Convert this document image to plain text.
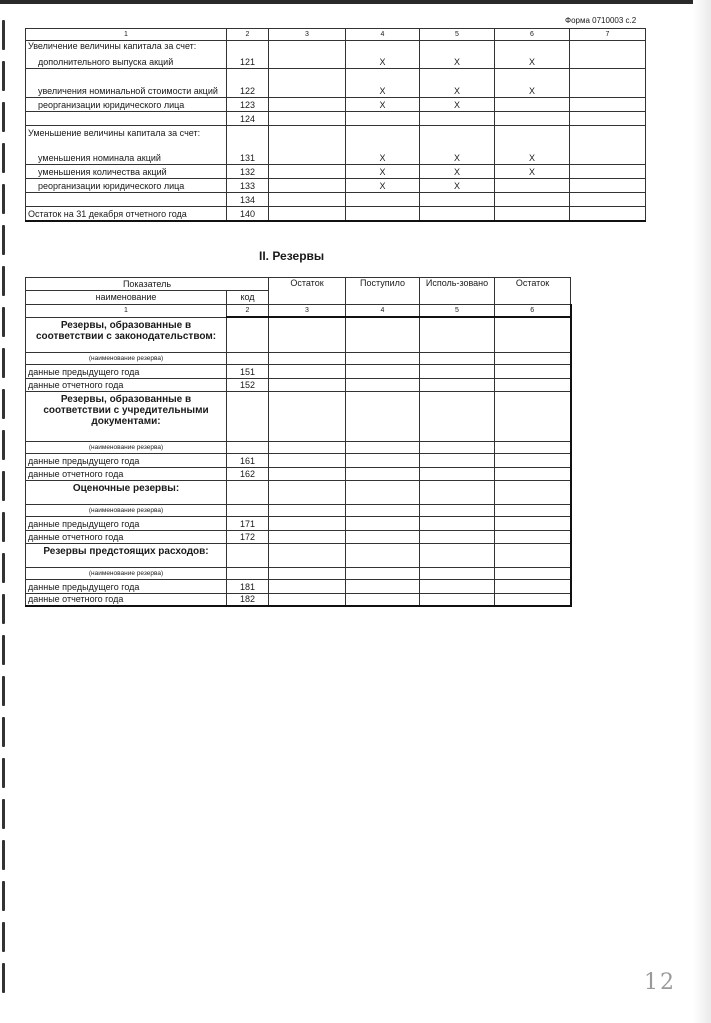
Форма 0710003 с.2
1	2	3	4	5	6	7
Увеличение величины капитала за счет:						
дополнительного выпуска акций	121		X	X	X	
увеличения номинальной стоимости акций	122		X	X	X	
реорганизации юридического лица	123		X	X		
	124					
Уменьшение величины капитала за счет:						
уменьшения номинала акций	131		X	X	X	
уменьшения количества акций	132		X	X	X	
реорганизации юридического лица	133		X	X		
	134					
Остаток на 31 декабря отчетного года	140					
II. Резервы
Показатель		Остаток	Поступило	Исполь-зовано	Остаток
наименование	код				
1	2	3	4	5	6
Резервы, образованные в соответствии с законодательством:					
(наименование резерва)					
данные предыдущего года	151				
данные отчетного года	152				
Резервы, образованные в соответствии с учредительными документами:					
(наименование резерва)					
данные предыдущего года	161				
данные отчетного года	162				
Оценочные резервы:					
(наименование резерва)					
данные предыдущего года	171				
данные отчетного года	172				
Резервы предстоящих расходов:					
(наименование резерва)					
данные предыдущего года	181				
данные отчетного года	182				
12
